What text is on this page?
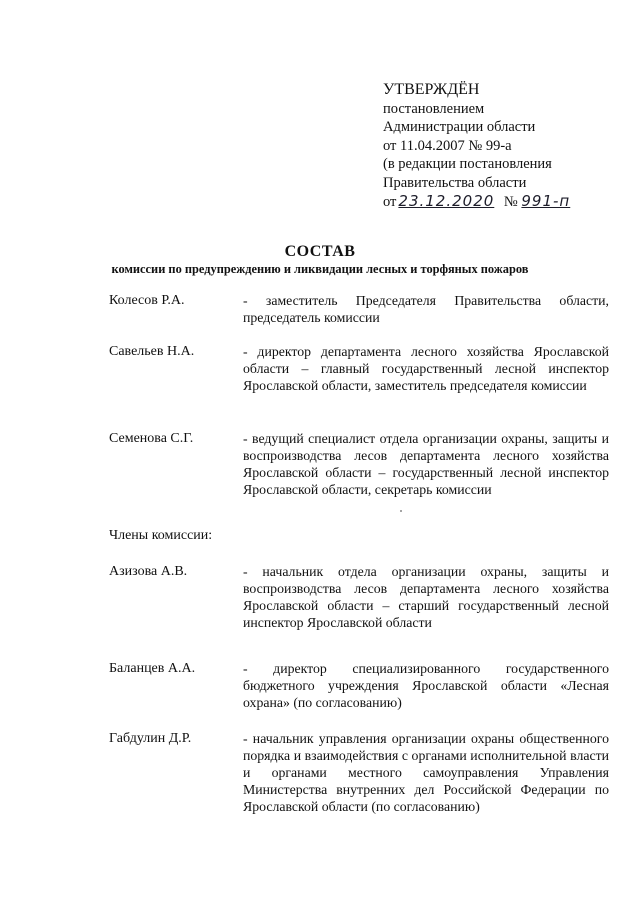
УТВЕРЖДЁН
постановлением
Администрации области
от 11.04.2007 № 99-а
(в редакции постановления
Правительства области
от 23.12.2020 № 991-п
СОСТАВ
комиссии по предупреждению и ликвидации лесных и торфяных пожаров
Колесов Р.А.	- заместитель Председателя Правительства области, председатель комиссии
Савельев Н.А.	- директор департамента лесного хозяйства Ярославской области – главный государственный лесной инспектор Ярославской области, заместитель председателя комиссии
Семенова С.Г.	- ведущий специалист отдела организации охраны, защиты и воспроизводства лесов департамента лесного хозяйства Ярославской области – государственный лесной инспектор Ярославской области, секретарь комиссии
Члены комиссии:
Азизова А.В.	- начальник отдела организации охраны, защиты и воспроизводства лесов департамента лесного хозяйства Ярославской области – старший государственный лесной инспектор Ярославской области
Баланцев А.А.	- директор специализированного государственного бюджетного учреждения Ярославской области «Лесная охрана» (по согласованию)
Габдулин Д.Р.	- начальник управления организации охраны общественного порядка и взаимодействия с органами исполнительной власти и органами местного самоуправления Управления Министерства внутренних дел Российской Федерации по Ярославской области (по согласованию)
